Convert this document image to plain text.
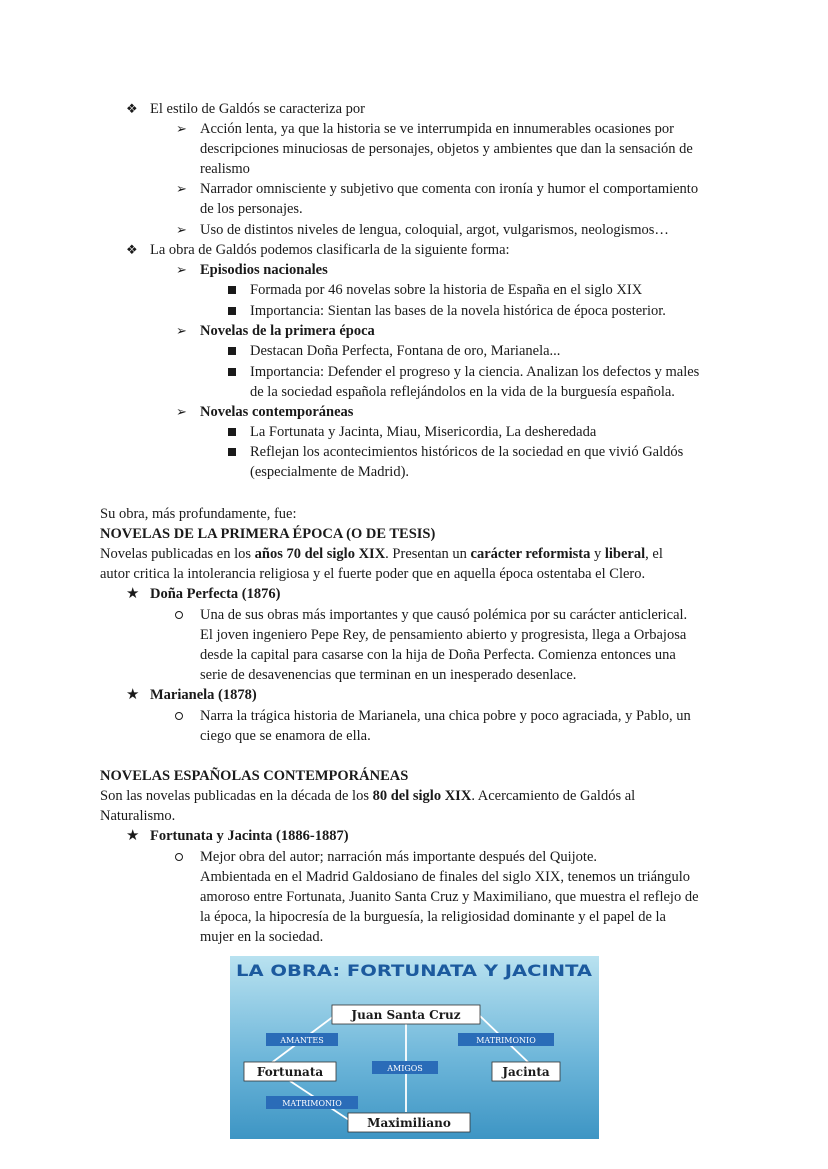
❖ El estilo de Galdós se caracteriza por
➢ Acción lenta, ya que la historia se ve interrumpida en innumerables ocasiones por
descripciones minuciosas de personajes, objetos y ambientes que dan la sensación de
realismo
➢ Narrador omnisciente y subjetivo que comenta con ironía y humor el comportamiento
de los personajes.
➢ Uso de distintos niveles de lengua, coloquial, argot, vulgarismos, neologismos…
❖ La obra de Galdós podemos clasificarla de la siguiente forma:
➢ Episodios nacionales
Formada por 46 novelas sobre la historia de España en el siglo XIX
Importancia: Sientan las bases de la novela histórica de época posterior.
➢ Novelas de la primera época
Destacan Doña Perfecta, Fontana de oro, Marianela...
Importancia: Defender el progreso y la ciencia. Analizan los defectos y males
de la sociedad española reflejándolos en la vida de la burguesía española.
➢ Novelas contemporáneas
La Fortunata y Jacinta, Miau, Misericordia, La desheredada
Reflejan los acontecimientos históricos de la sociedad en que vivió Galdós
(especialmente de Madrid).
Su obra, más profundamente, fue:
NOVELAS DE LA PRIMERA ÉPOCA (O DE TESIS)
Novelas publicadas en los años 70 del siglo XIX. Presentan un carácter reformista y liberal, el
autor critica la intolerancia religiosa y el fuerte poder que en aquella época ostentaba el Clero.
★ Doña Perfecta (1876)
Una de sus obras más importantes y que causó polémica por su carácter anticlerical.
El joven ingeniero Pepe Rey, de pensamiento abierto y progresista, llega a Orbajosa
desde la capital para casarse con la hija de Doña Perfecta. Comienza entonces una
serie de desavenencias que terminan en un inesperado desenlace.
★ Marianela (1878)
Narra la trágica historia de Marianela, una chica pobre y poco agraciada, y Pablo, un
ciego que se enamora de ella.
NOVELAS ESPAÑOLAS CONTEMPORÁNEAS
Son las novelas publicadas en la década de los 80 del siglo XIX. Acercamiento de Galdós al
Naturalismo.
★ Fortunata y Jacinta (1886-1887)
Mejor obra del autor; narración más importante después del Quijote.
Ambientada en el Madrid Galdosiano de finales del siglo XIX, tenemos un triángulo
amoroso entre Fortunata, Juanito Santa Cruz y Maximiliano, que muestra el reflejo de
la época, la hipocresía de la burguesía, la religiosidad dominante y el papel de la
mujer en la sociedad.
LA OBRA: FORTUNATA Y JACINTA
AMANTES	MATRIMONIO
AMIGOS
MATRIMONIO
Juan Santa Cruz
Fortunata	Jacinta
Maximiliano
